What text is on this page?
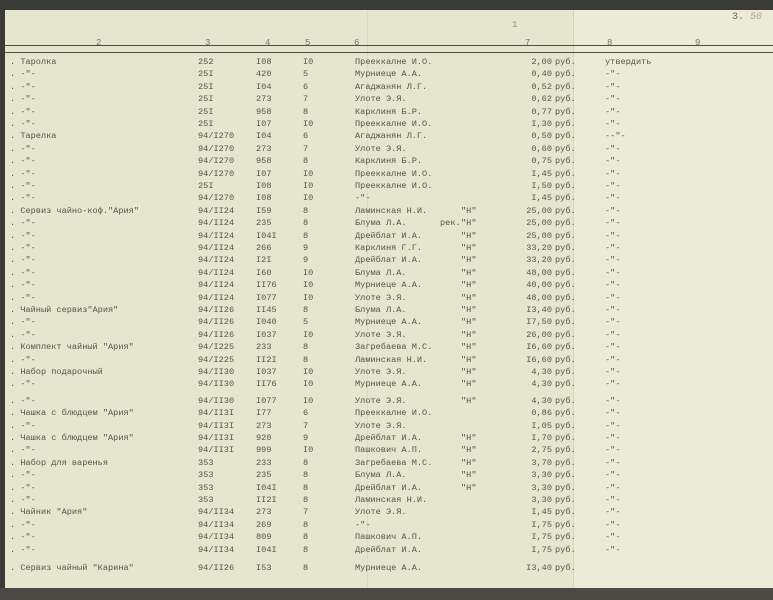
3. 50
1
2	3	4	5	6	7	8	9
. Таролка	252	I08	I0	Прееккалне И.О.	2,00 руб.	утвердить
. -"-	25I	420	5	Мурниеце А.А.	0,40 руб.	-"-
. -"-	25I	I04	6	Агаджанян Л.Г.	0,52 руб.	-"-
. -"-	25I	273	7	Улоте Э.Я.	0,62 руб.	-"-
. -"-	25I	958	8	Карклиня Б.Р.	0,77 руб.	-"-
. -"-	25I	I07	I0	Прееккалне И.О.	I,30 руб.	-"-
. Тарелка	94/I270	I04	6	Агаджанян Л.Г.	0,50 руб.	--"-
. -"-	94/I270	273	7	Улоте Э.Я.	0,60 руб.	-"-
. -"-	94/I270	958	8	Карклиня Б.Р.	0,75 руб.	-"-
. -"-	94/I270	I07	I0	Прееккалне И.О.	I,45 руб.	-"-
. -"-	25I	I08	I0	Прееккалне И.О.	I,50 руб.	-"-
. -"-	94/I270	I08	I0	-"-	I,45 руб.	-"-
. Сервиз чайно-коф."Ария"	94/II24	I59	8	Ламинская Н.И.	"Н"	25,00 руб.	-"-
. -"-	94/II24	235	8	Блума Л.А.	рек. "Н"	25,00 руб.	-"-
. -"-	94/II24	I04I	8	Дрейблат И.А.	"Н"	25,00 руб.	-"-
. -"-	94/II24	266	9	Карклиня Г.Г.	"Н"	33,20 руб.	-"-
. -"-	94/II24	I2I	9	Дрейблат И.А.	"Н"	33,20 руб.	-"-
. -"-	94/II24	I60	I0	Блума Л.А.	"Н"	48,00 руб.	-"-
. -"-	94/II24	II76	I0	Мурниеце А.А.	"Н"	40,00 руб.	-"-
. -"-	94/II24	I077	I0	Улоте Э.Я.	"Н"	48,00 руб.	-"-
. Чайный сервиз"Ария"	94/II26	II45	8	Блума Л.А.	"Н"	I3,40 руб.	-"-
. -"-	94/II26	I040	5	Мурниеце А.А.	"Н"	I7,50 руб.	-"-
. -"-	94/II26	I037	I0	Улоте Э.Я.	"Н"	26,00 руб.	-"-
. Комплект чайный "Ария"	94/I225	233	8	Загребаева М.С.	"Н"	I6,60 руб.	-"-
. -"-	94/I225	II2I	8	Ламинская Н.И.	"Н"	I6,60 руб.	-"-
. Набор подарочный	94/II30	I037	I0	Улоте Э.Я.	"Н"	4,30 руб.	-"-
. -"-	94/II30	II76	I0	Мурниеце А.А.	"Н"	4,30 руб.	-"-
. -"-	94/II30	I077	I0	Улоте Э.Я.	"Н"	4,30 руб.	-"-
. Чашка с блюдцем "Ария"	94/II3I	I77	6	Прееккалне И.О.	0,86 руб.	-"-
. -"-	94/II3I	273	7	Улоте Э.Я.	I,05 руб.	-"-
. Чашка с блюдцем "Ария"	94/II3I	920	9	Дрейблат И.А.	"Н"	I,70 руб.	-"-
. -"-	94/II3I	999	I0	Пашкович А.П.	"Н"	2,75 руб.	-"-
. Набор для варенья	353	233	8	Загребаева М.С.	"Н"	3,70 руб.	-"-
. -"-	353	235	8	Блума Л.А.	"Н"	3,30 руб.	-"-
. -"-	353	I04I	8	Дрейблат И.А.	"Н"	3,30 руб.	-"-
. -"-	353	II2I	8	Ламинская Н.И.	3,30 руб.	-"-
. Чайник "Ария"	94/II34	273	7	Улоте Э.Я.	I,45 руб.	-"-
. -"-	94/II34	269	8	-"-	I,75 руб.	-"-
. -"-	94/II34	809	8	Пашкович А.П.	I,75 руб.	-"-
. -"-	94/II34	I04I	8	Дрейблат И.А.	I,75 руб.	-"-
. Сервиз чайный "Карина"	94/II26	I53	8	Мурниеце А.А.	I3,40 руб.
